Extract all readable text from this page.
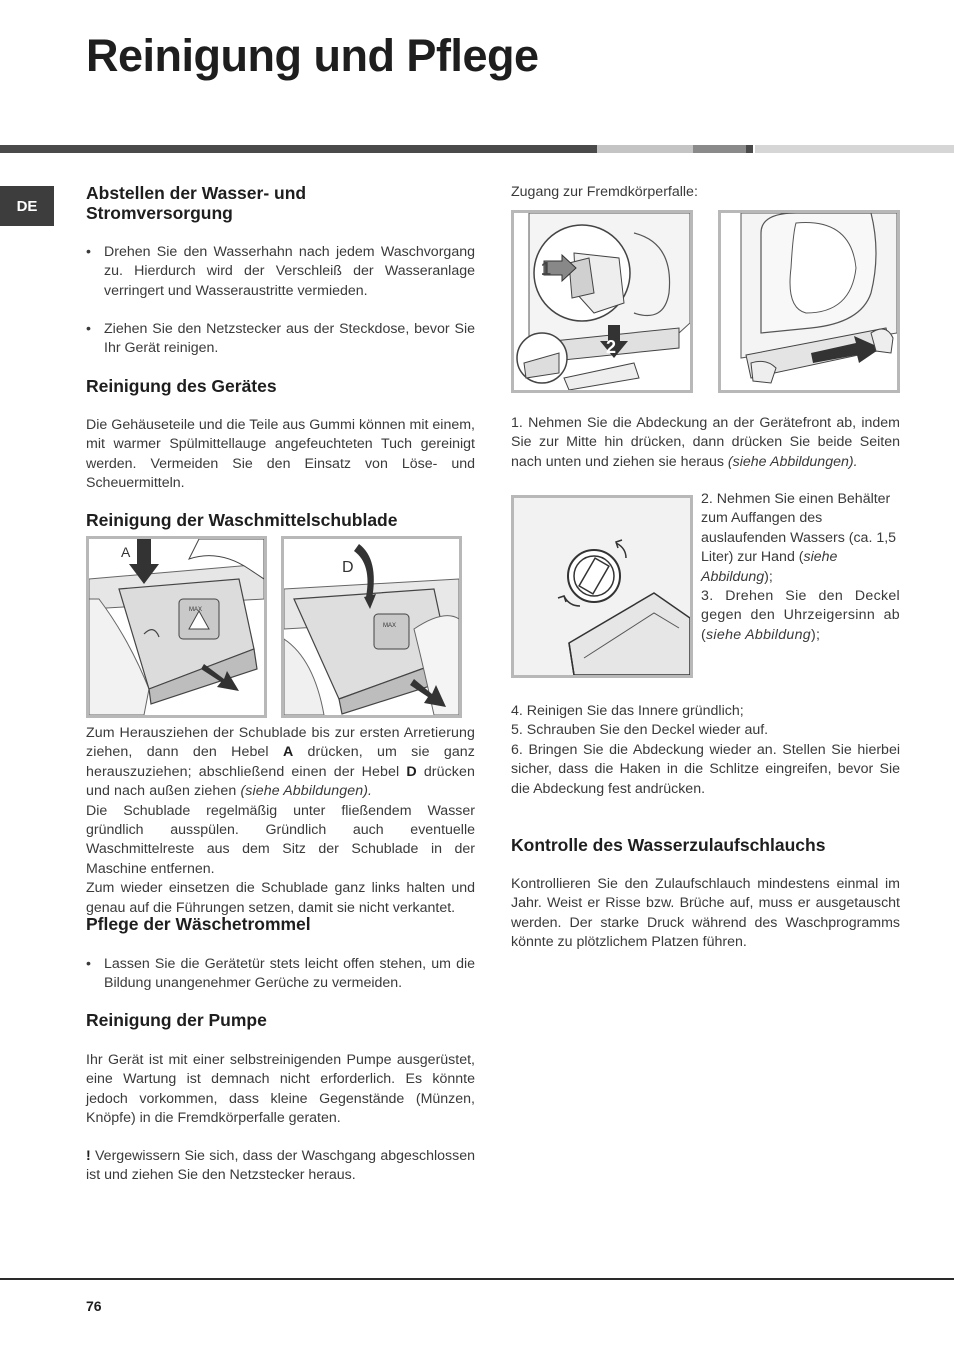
Reinigung und Pflege
DE
Abstellen der Wasser- und Stromversorgung
• Drehen Sie den Wasserhahn nach jedem Waschvorgang zu. Hierdurch wird der Verschleiß der Wasseranlage verringert und Wasseraustritte vermieden.
• Ziehen Sie den Netzstecker aus der Steckdose, bevor Sie Ihr Gerät reinigen.
Reinigung des Gerätes

Die Gehäuseteile und die Teile aus Gummi können mit einem, mit warmer Spülmittellauge angefeuchteten Tuch gereinigt werden. Vermeiden Sie den Einsatz von Löse- und Scheuermitteln.

Reinigung der Waschmittelschublade
A
MAX
D
MAX

Zum Herausziehen der Schublade bis zur ersten Arretierung ziehen, dann den Hebel A drücken, um sie ganz herauszuziehen; abschließend einen der Hebel D drücken und nach außen ziehen (siehe Abbildungen).

Die Schublade regelmäßig unter fließendem Wasser gründlich ausspülen. Gründlich auch eventuelle Waschmittelreste aus dem Sitz der Schublade in der Maschine entfernen.

Zum wieder einsetzen die Schublade ganz links halten und genau auf die Führungen setzen, damit sie nicht verkantet.

Pflege der Wäschetrommel
• Lassen Sie die Gerätetür stets leicht offen stehen, um die Bildung unangenehmer Gerüche zu vermeiden.
Reinigung der Pumpe

Ihr Gerät ist mit einer selbstreinigenden Pumpe ausgerüstet, eine Wartung ist demnach nicht erforderlich. Es könnte jedoch vorkommen, dass kleine Gegenstände (Münzen, Knöpfe) in die Fremdkörperfalle geraten.

! Vergewissern Sie sich, dass der Waschgang abgeschlossen ist und ziehen Sie den Netzstecker heraus.

Zugang zur Fremdkörperfalle:

1
2

1. Nehmen Sie die Abdeckung an der Gerätefront ab, indem Sie zur Mitte hin drücken, dann drücken Sie beide Seiten nach unten und ziehen sie heraus (siehe Abbildungen).

2. Nehmen Sie einen Behälter zum Auffangen des auslaufenden Wassers (ca. 1,5 Liter) zur Hand (siehe Abbildung);

3. Drehen Sie den Deckel gegen den Uhrzeigersinn ab (siehe Abbildung);

4. Reinigen Sie das Innere gründlich;

5. Schrauben Sie den Deckel wieder auf.

6. Bringen Sie die Abdeckung wieder an. Stellen Sie hierbei sicher, dass die Haken in die Schlitze eingreifen, bevor Sie die Abdeckung fest andrücken.

Kontrolle des Wasserzulaufschlauchs

Kontrollieren Sie den Zulaufschlauch mindestens einmal im Jahr. Weist er Risse bzw. Brüche auf, muss er ausgetauscht werden. Der starke Druck während des Waschprogramms könnte zu plötzlichem Platzen führen.

76
